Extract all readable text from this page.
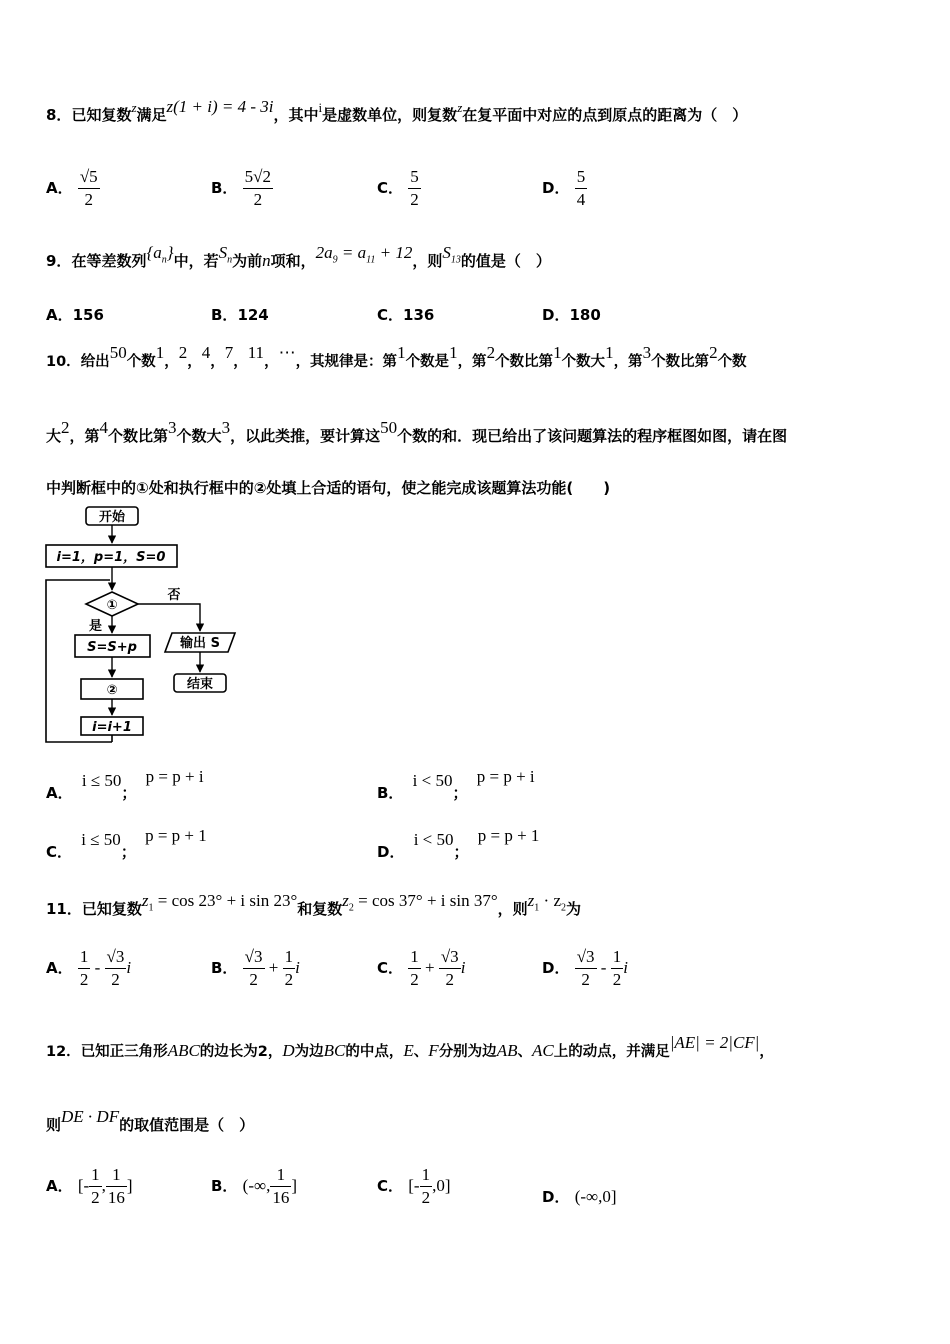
8．已知复数z满足z(1 + i) = 4 - 3i，其中i是虚数单位，则复数z在复平面中对应的点到原点的距离为（　）
A． $\frac{√5}{2}$	B． $\frac{5√2}{2}$	C． $\frac{5}{2}$	D． $\frac{5}{4}$
9．在等差数列$\{a_n\}$中，若$S_n$为前n项和，$2a_9 = a_{11} + 12$，则$S_{13}$的值是（　）
A．156	B．124	C．136	D．180
10．给出50个数1，2，4，7，11，⋯，其规律是：第1个数是1，第2个数比第1个数大1，第3个数比第2个数
大2，第4个数比第3个数大3，以此类推，要计算这50个数的和．现已给出了该问题算法的程序框图如图，请在图
中判断框中的①处和执行框中的②处填上合适的语句，使之能完成该题算法功能(　　)
开始
i=1，p=1，S=0
①
否
是
S=S+p
②
i=i+1
输出 S
结束
A． i ≤ 50； p = p + i
B． i < 50； p = p + i
C． i ≤ 50； p = p + 1
D． i < 50； p = p + 1
11．已知复数$z_1 = \cos 23^\circ + i$ sin 23°和复数$z_2 = \cos 37^\circ + i$ sin 37°，则$z_1 \cdot z_2$为
A． $\frac{1}{2} - \frac{√3}{2}$ i	B． $\frac{√3}{2} + \frac{1}{2}$ i	C． $\frac{1}{2} + \frac{√3}{2}$ i	D． $\frac{√3}{2} - \frac{1}{2}$ i
12．已知正三角形ABC的边长为2，D为边BC的中点，E、F分别为边AB、AC上的动点，并满足|AE| = 2|CF|，
则DE · DF的取值范围是（　）
A． [- $\frac{1}{2}$ , $\frac{1}{16}$ ]	B． (-∞, $\frac{1}{16}$ ]	C． [- $\frac{1}{2} ,0$]
D． (-∞,0]
